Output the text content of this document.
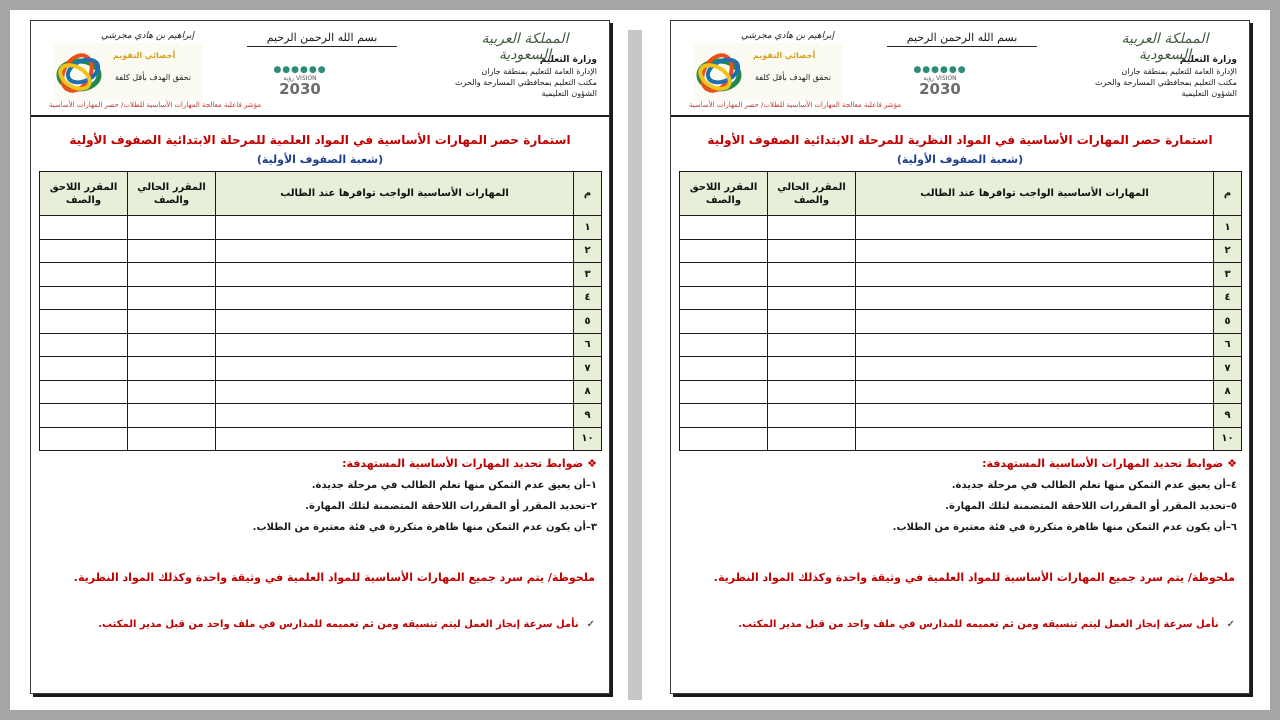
المملكة العربية السعودية
وزارة التعليم
الإدارة العامة للتعليم بمنطقة جازان
مكتب التعليم بمحافظتي المسارحة والحرث
الشؤون التعليمية
بسم الله الرحمن الرحيم
●●●●●●
رؤية VISION
2030
إبراهيم بن هادي مجرشي
أخصائي التقويم
نحقق الهدف بأقل كلفة
مؤشر فاعلية معالجة المهارات الأساسية للطلاب/ حصر المهارات الأساسية
استمارة حصر المهارات الأساسية في المواد العلمية للمرحلة الابتدائية الصفوف الأولية
(شعبة الصفوف الأولية)
م	المهارات الأساسية الواجب توافرها عند الطالب	المقرر الحالي والصف	المقرر اللاحق والصف
١			
٢			
٣			
٤			
٥			
٦			
٧			
٨			
٩			
١٠			
❖ضوابط تحديد المهارات الأساسية المستهدفة:
١–أن يعيق عدم التمكن منها تعلم الطالب في مرحلة جديدة.
٢–تحديد المقرر أو المقررات اللاحقة المتضمنة لتلك المهارة.
٣–أن يكون عدم التمكن منها ظاهرة متكررة في فئة معتبرة من الطلاب.
ملحوظة/ يتم سرد جميع المهارات الأساسية للمواد العلمية في وثيقة واحدة وكذلك المواد النظرية.
✓نأمل سرعة إنجاز العمل ليتم تنسيقه ومن ثم تعميمه للمدارس في ملف واحد من قبل مدير المكتب.
المملكة العربية السعودية
وزارة التعليم
الإدارة العامة للتعليم بمنطقة جازان
مكتب التعليم بمحافظتي المسارحة والحرث
الشؤون التعليمية
بسم الله الرحمن الرحيم
●●●●●●
رؤية VISION
2030
إبراهيم بن هادي مجرشي
أخصائي التقويم
نحقق الهدف بأقل كلفة
مؤشر فاعلية معالجة المهارات الأساسية للطلاب/ حصر المهارات الأساسية
استمارة حصر المهارات الأساسية في المواد النظرية للمرحلة الابتدائية الصفوف الأولية
(شعبة الصفوف الأولية)
م	المهارات الأساسية الواجب توافرها عند الطالب	المقرر الحالي والصف	المقرر اللاحق والصف
١			
٢			
٣			
٤			
٥			
٦			
٧			
٨			
٩			
١٠			
❖ضوابط تحديد المهارات الأساسية المستهدفة:
٤–أن يعيق عدم التمكن منها تعلم الطالب في مرحلة جديدة.
٥–تحديد المقرر أو المقررات اللاحقة المتضمنة لتلك المهارة.
٦–أن يكون عدم التمكن منها ظاهرة متكررة في فئة معتبرة من الطلاب.
ملحوظة/ يتم سرد جميع المهارات الأساسية للمواد العلمية في وثيقة واحدة وكذلك المواد النظرية.
✓نأمل سرعة إنجاز العمل ليتم تنسيقه ومن ثم تعميمه للمدارس في ملف واحد من قبل مدير المكتب.
